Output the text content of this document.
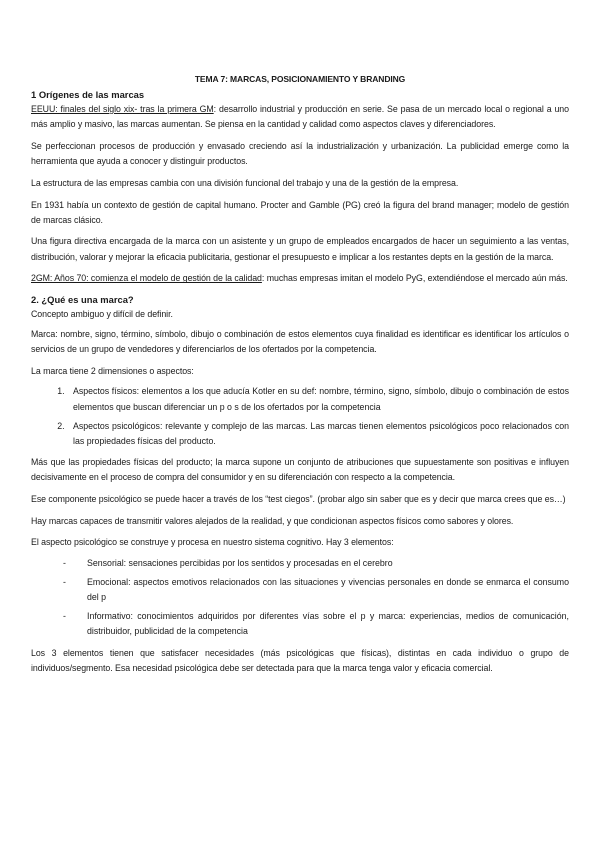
TEMA 7: MARCAS, POSICIONAMIENTO Y BRANDING
1 Orígenes de las marcas

EEUU: finales del siglo xix- tras la primera GM: desarrollo industrial y producción en serie. Se pasa de un mercado local o regional a uno más amplio y masivo, las marcas aumentan. Se piensa en la cantidad y calidad como aspectos claves y diferenciadores.

Se perfeccionan procesos de producción y envasado creciendo así la industrialización y urbanización. La publicidad emerge como la herramienta que ayuda a conocer y distinguir productos.

La estructura de las empresas cambia con una división funcional del trabajo y una de la gestión de la empresa.

En 1931 había un contexto de gestión de capital humano. Procter and Gamble (PG) creó la figura del brand manager; modelo de gestión de marcas clásico.

Una figura directiva encargada de la marca con un asistente y un grupo de empleados encargados de hacer un seguimiento a las ventas, distribución, valorar y mejorar la eficacia publicitaria, gestionar el presupuesto e implicar a los restantes depts en la gestión de la marca.

2GM: Años 70: comienza el modelo de gestión de la calidad: muchas empresas imitan el modelo PyG, extendiéndose el mercado aún más.

2. ¿Qué es una marca?

Concepto ambiguo y difícil de definir.

Marca: nombre, signo, término, símbolo, dibujo o combinación de estos elementos cuya finalidad es identificar es identificar los artículos o servicios de un grupo de vendedores y diferenciarlos de los ofertados por la competencia.

La marca tiene 2 dimensiones o aspectos:

1. Aspectos físicos: elementos a los que aducía Kotler en su def: nombre, término, signo, símbolo, dibujo o combinación de estos elementos que buscan diferenciar un p o s de los ofertados por la competencia
2. Aspectos psicológicos: relevante y complejo de las marcas. Las marcas tienen elementos psicológicos poco relacionados con las propiedades físicas del producto.

Más que las propiedades físicas del producto; la marca supone un conjunto de atribuciones que supuestamente son positivas e influyen decisivamente en el proceso de compra del consumidor y en su diferenciación con respecto a la competencia.

Ese componente psicológico se puede hacer a través de los “test ciegos”. (probar algo sin saber que es y decir que marca crees que es…)

Hay marcas capaces de transmitir valores alejados de la realidad, y que condicionan aspectos físicos como sabores y olores.

El aspecto psicológico se construye y procesa en nuestro sistema cognitivo. Hay 3 elementos:

- Sensorial: sensaciones percibidas por los sentidos y procesadas en el cerebro
- Emocional: aspectos emotivos relacionados con las situaciones y vivencias personales en donde se enmarca el consumo del p
- Informativo: conocimientos adquiridos por diferentes vías sobre el p y marca: experiencias, medios de comunicación, distribuidor, publicidad de la competencia

Los 3 elementos tienen que satisfacer necesidades (más psicológicas que físicas), distintas en cada individuo o grupo de individuos/segmento. Esa necesidad psicológica debe ser detectada para que la marca tenga valor y eficacia comercial.
